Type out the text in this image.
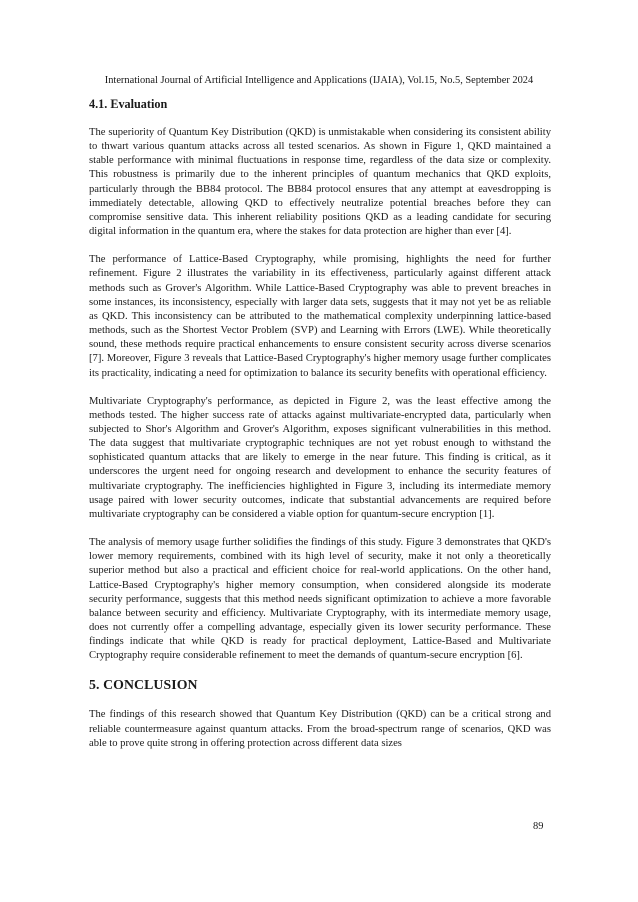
International Journal of Artificial Intelligence and Applications (IJAIA), Vol.15, No.5, September 2024
4.1. Evaluation

The superiority of Quantum Key Distribution (QKD) is unmistakable when considering its consistent ability to thwart various quantum attacks across all tested scenarios. As shown in Figure 1, QKD maintained a stable performance with minimal fluctuations in response time, regardless of the data size or complexity. This robustness is primarily due to the inherent principles of quantum mechanics that QKD exploits, particularly through the BB84 protocol. The BB84 protocol ensures that any attempt at eavesdropping is immediately detectable, allowing QKD to effectively neutralize potential breaches before they can compromise sensitive data. This inherent reliability positions QKD as a leading candidate for securing digital information in the quantum era, where the stakes for data protection are higher than ever [4].

The performance of Lattice-Based Cryptography, while promising, highlights the need for further refinement. Figure 2 illustrates the variability in its effectiveness, particularly against different attack methods such as Grover's Algorithm. While Lattice-Based Cryptography was able to prevent breaches in some instances, its inconsistency, especially with larger data sets, suggests that it may not yet be as reliable as QKD. This inconsistency can be attributed to the mathematical complexity underpinning lattice-based methods, such as the Shortest Vector Problem (SVP) and Learning with Errors (LWE). While theoretically sound, these methods require practical enhancements to ensure consistent security across diverse scenarios [7]. Moreover, Figure 3 reveals that Lattice-Based Cryptography's higher memory usage further complicates its practicality, indicating a need for optimization to balance its security benefits with operational efficiency.

Multivariate Cryptography's performance, as depicted in Figure 2, was the least effective among the methods tested. The higher success rate of attacks against multivariate-encrypted data, particularly when subjected to Shor's Algorithm and Grover's Algorithm, exposes significant vulnerabilities in this method. The data suggest that multivariate cryptographic techniques are not yet robust enough to withstand the sophisticated quantum attacks that are likely to emerge in the near future. This finding is critical, as it underscores the urgent need for ongoing research and development to enhance the security features of multivariate cryptography. The inefficiencies highlighted in Figure 3, including its intermediate memory usage paired with lower security outcomes, indicate that substantial advancements are required before multivariate cryptography can be considered a viable option for quantum-secure encryption [1].

The analysis of memory usage further solidifies the findings of this study. Figure 3 demonstrates that QKD's lower memory requirements, combined with its high level of security, make it not only a theoretically superior method but also a practical and efficient choice for real-world applications. On the other hand, Lattice-Based Cryptography's higher memory consumption, when considered alongside its moderate security performance, suggests that this method needs significant optimization to achieve a more favorable balance between security and efficiency. Multivariate Cryptography, with its intermediate memory usage, does not currently offer a compelling advantage, especially given its lower security performance. These findings indicate that while QKD is ready for practical deployment, Lattice-Based and Multivariate Cryptography require considerable refinement to meet the demands of quantum-secure encryption [6].

5. CONCLUSION

The findings of this research showed that Quantum Key Distribution (QKD) can be a critical strong and reliable countermeasure against quantum attacks. From the broad-spectrum range of scenarios, QKD was able to prove quite strong in offering protection across different data sizes

89
